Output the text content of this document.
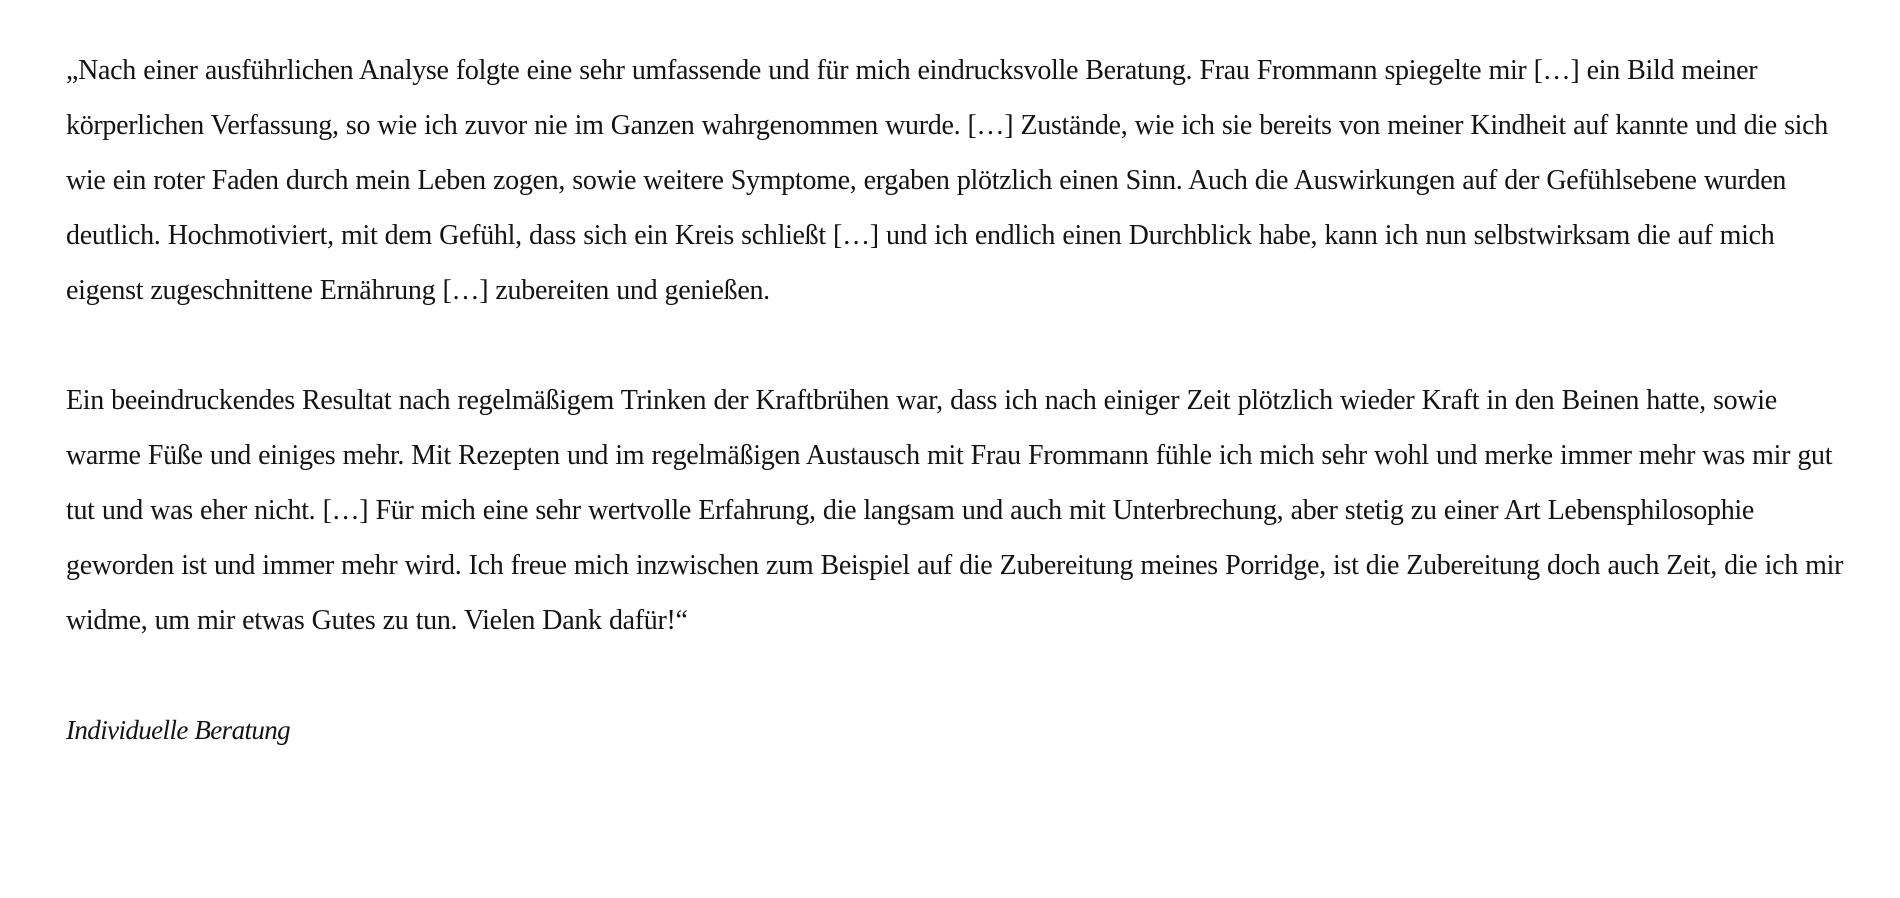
„Nach einer ausführlichen Analyse folgte eine sehr umfassende und für mich eindrucksvolle Beratung. Frau Frommann spiegelte mir […] ein Bild meiner körperlichen Verfassung, so wie ich zuvor nie im Ganzen wahrgenommen wurde. […] Zustände, wie ich sie bereits von meiner Kindheit auf kannte und die sich wie ein roter Faden durch mein Leben zogen, sowie weitere Symptome, ergaben plötzlich einen Sinn. Auch die Auswirkungen auf der Gefühlsebene wurden deutlich. Hochmotiviert, mit dem Gefühl, dass sich ein Kreis schließt […] und ich endlich einen Durchblick habe, kann ich nun selbstwirksam die auf mich eigenst zugeschnittene Ernährung […] zubereiten und genießen.

Ein beeindruckendes Resultat nach regelmäßigem Trinken der Kraftbrühen war, dass ich nach einiger Zeit plötzlich wieder Kraft in den Beinen hatte, sowie warme Füße und einiges mehr. Mit Rezepten und im regelmäßigen Austausch mit Frau Frommann fühle ich mich sehr wohl und merke immer mehr was mir gut tut und was eher nicht. […] Für mich eine sehr wertvolle Erfahrung, die langsam und auch mit Unterbrechung, aber stetig zu einer Art Lebensphilosophie geworden ist und immer mehr wird. Ich freue mich inzwischen zum Beispiel auf die Zubereitung meines Porridge, ist die Zubereitung doch auch Zeit, die ich mir widme, um mir etwas Gutes zu tun. Vielen Dank dafür!“

Individuelle Beratung
